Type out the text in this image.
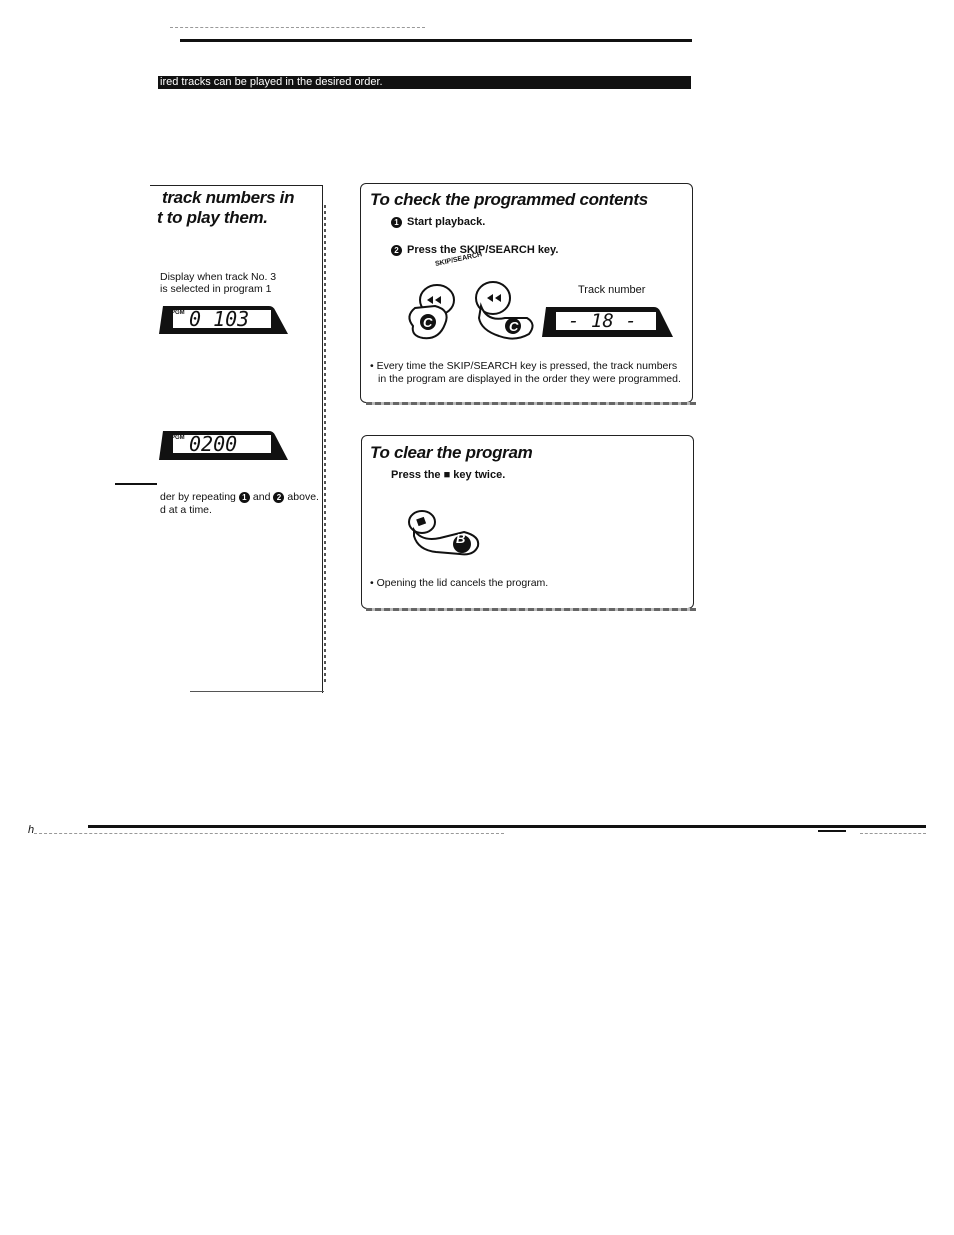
ired tracks can be played in the desired order.
track numbers in
t to play them.
Display when track No. 3
is selected in program 1
0 103
PGM
0200
PGM
der by repeating 1 and 2 above.
d at a time.
To check the programmed contents
1 Start playback.
2 Press the SKIP/SEARCH key.
SKIP/SEARCH
C	C
Track number
- 18 -
• Every time the SKIP/SEARCH key is pressed, the track numbers
in the program are displayed in the order they were programmed.
To clear the program
Press the ■ key twice.
B
• Opening the lid cancels the program.
h
